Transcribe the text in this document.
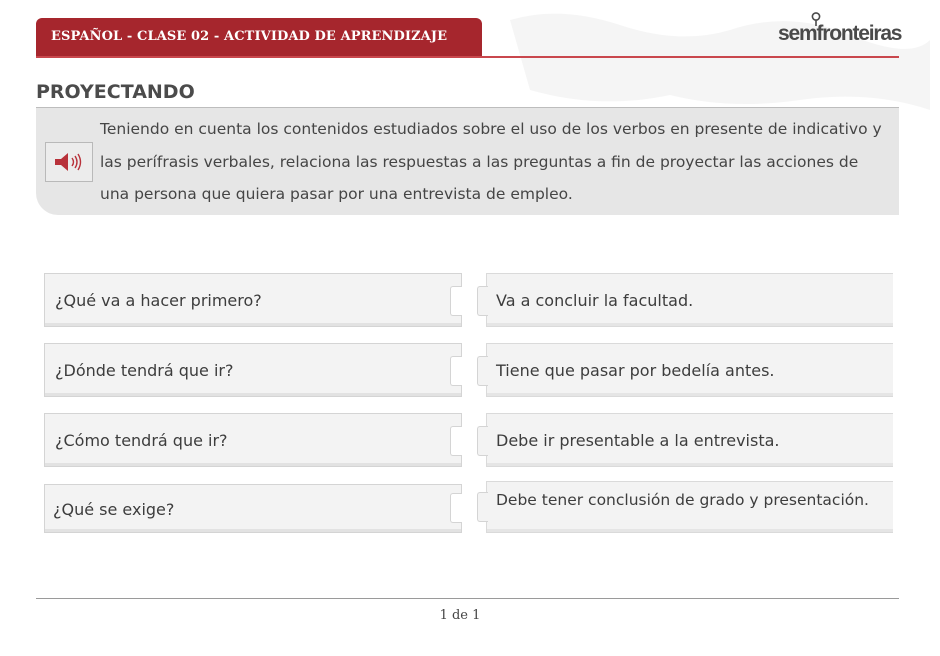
ESPAÑOL - CLASE 02 - ACTIVIDAD DE APRENDIZAJE	semfronteiras
PROYECTANDO
Teniendo en cuenta los contenidos estudiados sobre el uso de los verbos en presente de indicativo y las perífrasis verbales, relaciona las respuestas a las preguntas a fin de proyectar las acciones de una persona que quiera pasar por una entrevista de empleo.
¿Qué va a hacer primero?
¿Dónde tendrá que ir?
¿Cómo tendrá que ir?
¿Qué se exige?
Va a concluir la facultad.
Tiene que pasar por bedelía antes.
Debe ir presentable a la entrevista.
Debe tener conclusión de grado y presentación.
1 de 1
